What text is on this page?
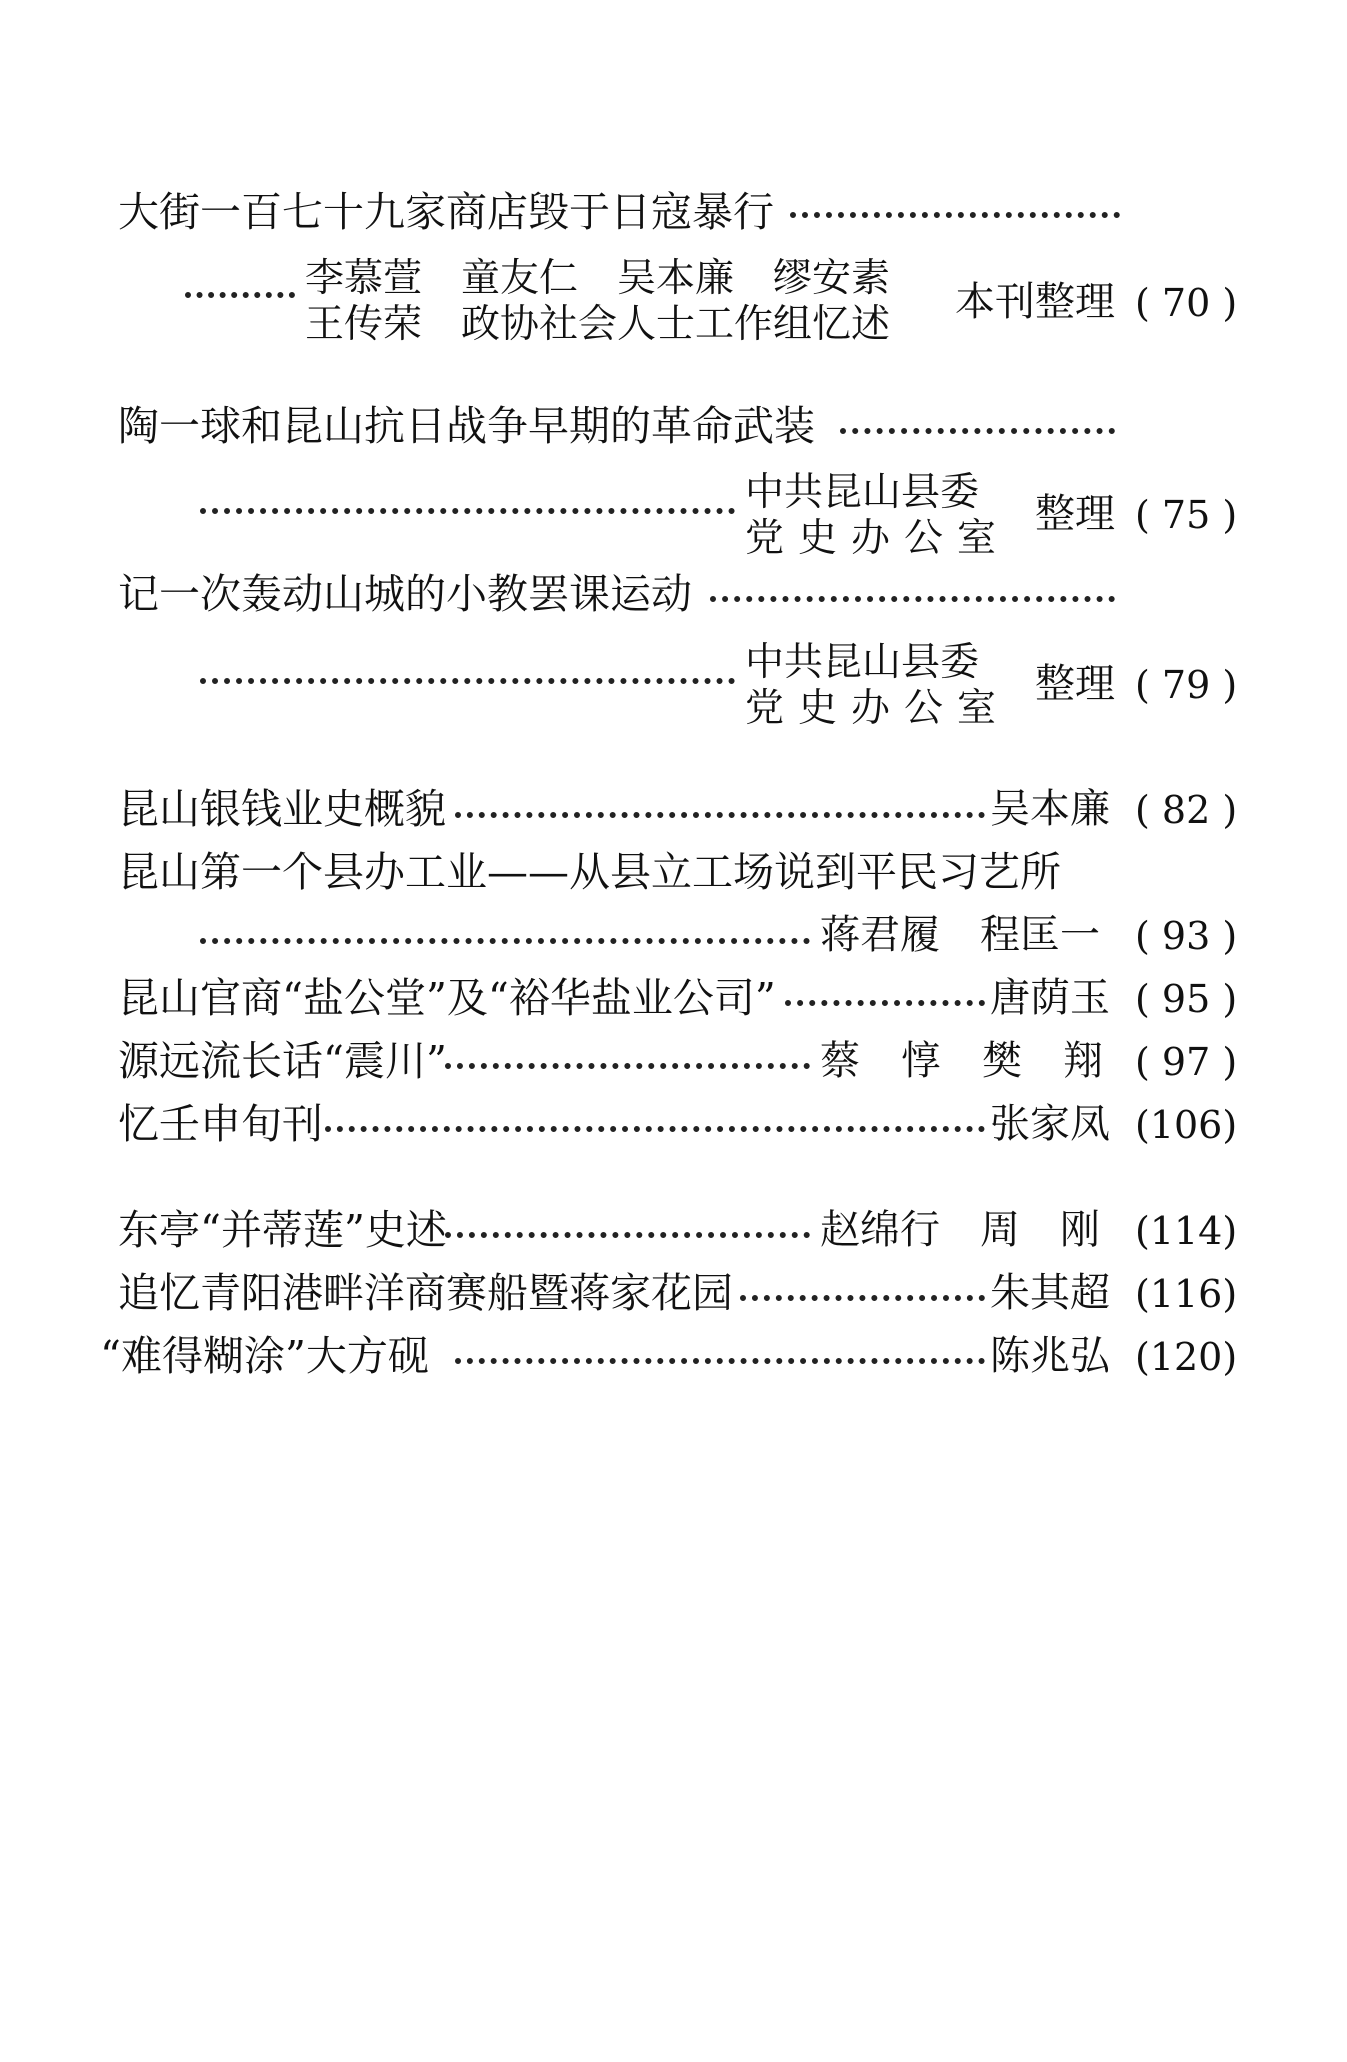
大街一百七十九家商店毁于日寇暴行
李慕萱　童友仁　吴本廉　缪安素
王传荣　政协社会人士工作组忆述 本刊整理 ( 70 )
陶一球和昆山抗日战争早期的革命武装
中共昆山县委
党史办公室
整理 ( 75 )
记一次轰动山城的小教罢课运动
中共昆山县委
党史办公室
整理 ( 79 )
昆山银钱业史概貌	吴本廉 ( 82 )
昆山第一个县办工业——从县立工场说到平民习艺所
蒋君履　程匡一 ( 93 )
昆山官商“盐公堂”及“裕华盐业公司”	唐荫玉 ( 95 )
源远流长话“震川”	蔡　惇　樊　翔 ( 97 )
忆壬申旬刊	张家凤 (106)
东亭“并蒂莲”史述	赵绵行　周　刚 (114)
追忆青阳港畔洋商赛船暨蒋家花园	朱其超 (116)
“难得糊涂”大方砚	陈兆弘 (120)
